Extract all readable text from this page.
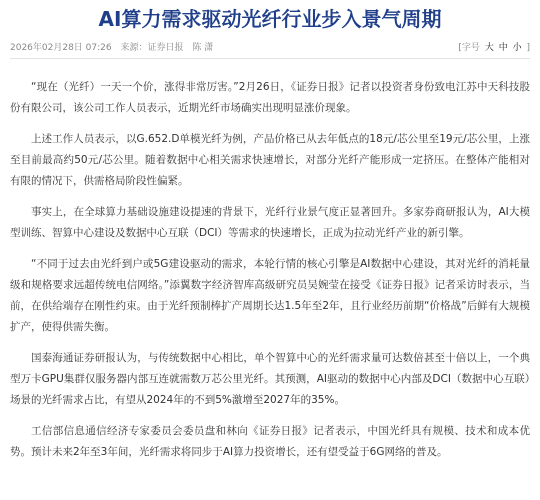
AI算力需求驱动光纤行业步入景气周期
2026年02月28日 07:26 来源：证券日报 陈 潇	[字号 大 中 小 ]

“现在（光纤）一天一个价，涨得非常厉害。”2月26日，《证券日报》记者以投资者身份致电江苏中天科技股份有限公司，该公司工作人员表示，近期光纤市场确实出现明显涨价现象。

上述工作人员表示，以G.652.D单模光纤为例，产品价格已从去年低点的18元/芯公里至19元/芯公里，上涨至目前最高约50元/芯公里。随着数据中心相关需求快速增长，对部分光纤产能形成一定挤压。在整体产能相对有限的情况下，供需格局阶段性偏紧。

事实上，在全球算力基础设施建设提速的背景下，光纤行业景气度正显著回升。多家券商研报认为，AI大模型训练、智算中心建设及数据中心互联（DCI）等需求的快速增长，正成为拉动光纤产业的新引擎。

“不同于过去由光纤到户或5G建设驱动的需求，本轮行情的核心引擎是AI数据中心建设，其对光纤的消耗量级和规格要求远超传统电信网络。”添翼数字经济智库高级研究员吴婉莹在接受《证券日报》记者采访时表示，当前，在供给端存在刚性约束。由于光纤预制棒扩产周期长达1.5年至2年，且行业经历前期“价格战”后鲜有大规模扩产，使得供需失衡。

国泰海通证券研报认为，与传统数据中心相比，单个智算中心的光纤需求量可达数倍甚至十倍以上，一个典型万卡GPU集群仅服务器内部互连就需数万芯公里光纤。其预测，AI驱动的数据中心内部及DCI（数据中心互联）场景的光纤需求占比，有望从2024年的不到5%激增至2027年的35%。

工信部信息通信经济专家委员会委员盘和林向《证券日报》记者表示，中国光纤具有规模、技术和成本优势。预计未来2年至3年间，光纤需求将同步于AI算力投资增长，还有望受益于6G网络的普及。
